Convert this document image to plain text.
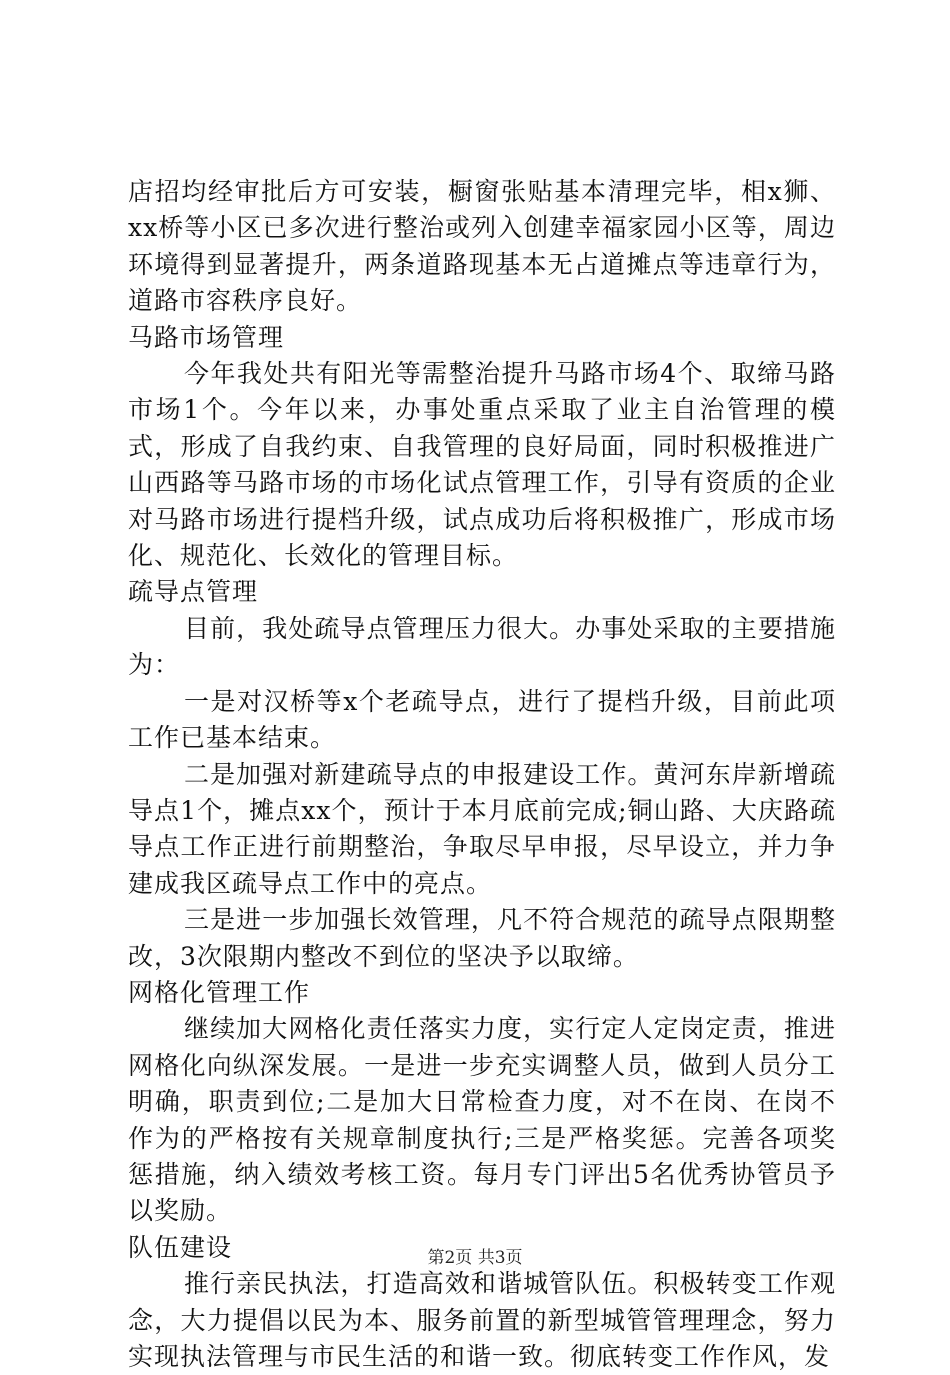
店招均经审批后方可安装，橱窗张贴基本清理完毕，相x狮、xx桥等小区已多次进行整治或列入创建幸福家园小区等，周边环境得到显著提升，两条道路现基本无占道摊点等违章行为，道路市容秩序良好。

马路市场管理

今年我处共有阳光等需整治提升马路市场4个、取缔马路市场1个。今年以来，办事处重点采取了业主自治管理的模式，形成了自我约束、自我管理的良好局面，同时积极推进广山西路等马路市场的市场化试点管理工作，引导有资质的企业对马路市场进行提档升级，试点成功后将积极推广，形成市场化、规范化、长效化的管理目标。

疏导点管理

目前，我处疏导点管理压力很大。办事处采取的主要措施为：

一是对汉桥等x个老疏导点，进行了提档升级，目前此项工作已基本结束。

二是加强对新建疏导点的申报建设工作。黄河东岸新增疏导点1个，摊点xx个，预计于本月底前完成;铜山路、大庆路疏导点工作正进行前期整治，争取尽早申报，尽早设立，并力争建成我区疏导点工作中的亮点。

三是进一步加强长效管理，凡不符合规范的疏导点限期整改，3次限期内整改不到位的坚决予以取缔。

网格化管理工作

继续加大网格化责任落实力度，实行定人定岗定责，推进网格化向纵深发展。一是进一步充实调整人员，做到人员分工明确，职责到位;二是加大日常检查力度，对不在岗、在岗不作为的严格按有关规章制度执行;三是严格奖惩。完善各项奖惩措施，纳入绩效考核工资。每月专门评出5名优秀协管员予以奖励。

队伍建设

推行亲民执法，打造高效和谐城管队伍。积极转变工作观念，大力提倡以民为本、服务前置的新型城管管理理念，努力实现执法管理与市民生活的和谐一致。彻底转变工作作风，发

第2页 共3页
